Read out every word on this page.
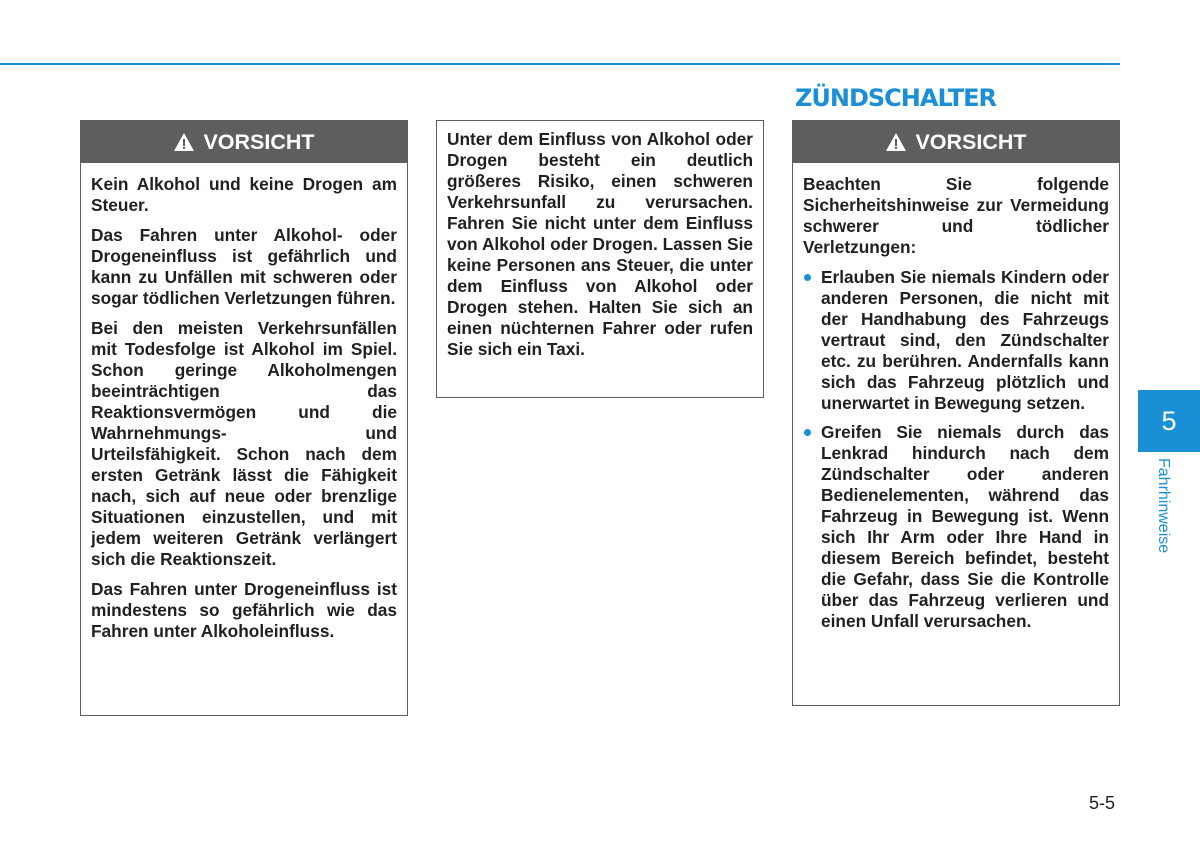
ZÜNDSCHALTER
VORSICHT

Kein Alkohol und keine Drogen am Steuer.

Das Fahren unter Alkohol- oder Drogeneinfluss ist gefährlich und kann zu Unfällen mit schweren oder sogar tödlichen Verletzungen führen.

Bei den meisten Verkehrsunfällen mit Todesfolge ist Alkohol im Spiel. Schon geringe Alkoholmengen beeinträchtigen das Reaktionsvermögen und die Wahrnehmungs- und Urteilsfähigkeit. Schon nach dem ersten Getränk lässt die Fähigkeit nach, sich auf neue oder brenzlige Situationen einzustellen, und mit jedem weiteren Getränk verlängert sich die Reaktionszeit.

Das Fahren unter Drogeneinfluss ist mindestens so gefährlich wie das Fahren unter Alkoholeinfluss.

Unter dem Einfluss von Alkohol oder Drogen besteht ein deutlich größeres Risiko, einen schweren Verkehrsunfall zu verursachen. Fahren Sie nicht unter dem Einfluss von Alkohol oder Drogen. Lassen Sie keine Personen ans Steuer, die unter dem Einfluss von Alkohol oder Drogen stehen. Halten Sie sich an einen nüchternen Fahrer oder rufen Sie sich ein Taxi.

VORSICHT

Beachten Sie folgende Sicherheitshinweise zur Vermeidung schwerer und tödlicher Verletzungen:

Erlauben Sie niemals Kindern oder anderen Personen, die nicht mit der Handhabung des Fahrzeugs vertraut sind, den Zündschalter etc. zu berühren. Andernfalls kann sich das Fahrzeug plötzlich und unerwartet in Bewegung setzen.

Greifen Sie niemals durch das Lenkrad hindurch nach dem Zündschalter oder anderen Bedienelementen, während das Fahrzeug in Bewegung ist. Wenn sich Ihr Arm oder Ihre Hand in diesem Bereich befindet, besteht die Gefahr, dass Sie die Kontrolle über das Fahrzeug verlieren und einen Unfall verursachen.

5
Fahrhinweise
5-5
